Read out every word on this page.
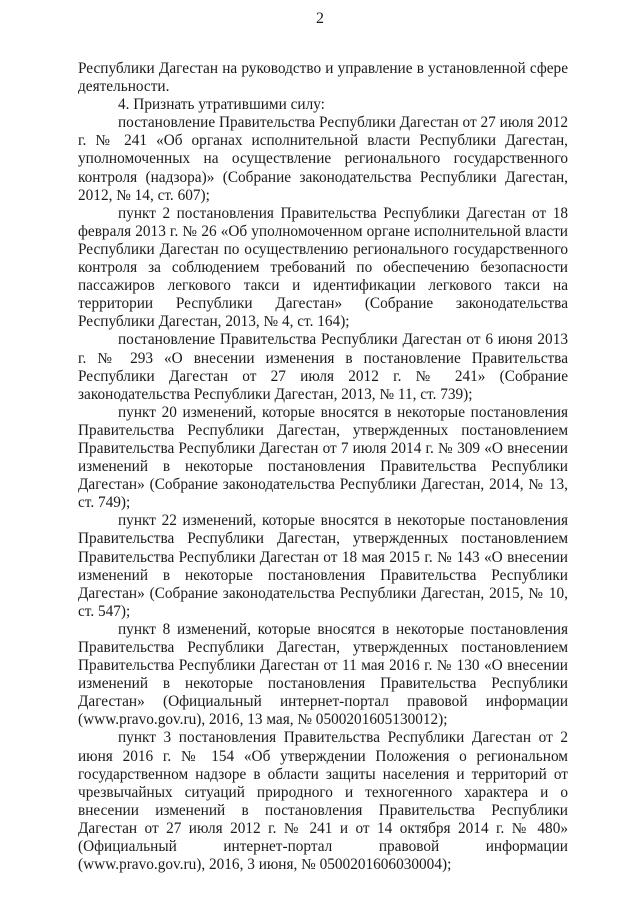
2

Республики Дагестан на руководство и управление в установленной сфере деятельности.

4. Признать утратившими силу:

постановление Правительства Республики Дагестан от 27 июля 2012 г. № 241 «Об органах исполнительной власти Республики Дагестан, уполномоченных на осуществление регионального государственного контроля (надзора)» (Собрание законодательства Республики Дагестан, 2012, № 14, ст. 607);

пункт 2 постановления Правительства Республики Дагестан от 18 февраля 2013 г. № 26 «Об уполномоченном органе исполнительной власти Республики Дагестан по осуществлению регионального государственного контроля за соблюдением требований по обеспечению безопасности пассажиров легкового такси и идентификации легкового такси на территории Республики Дагестан» (Собрание законодательства Республики Дагестан, 2013, № 4, ст. 164);

постановление Правительства Республики Дагестан от 6 июня 2013 г. № 293 «О внесении изменения в постановление Правительства Республики Дагестан от 27 июля 2012 г. № 241» (Собрание законодательства Республики Дагестан, 2013, № 11, ст. 739);

пункт 20 изменений, которые вносятся в некоторые постановления Правительства Республики Дагестан, утвержденных постановлением Правительства Республики Дагестан от 7 июля 2014 г. № 309 «О внесении изменений в некоторые постановления Правительства Республики Дагестан» (Собрание законодательства Республики Дагестан, 2014, № 13, ст. 749);

пункт 22 изменений, которые вносятся в некоторые постановления Правительства Республики Дагестан, утвержденных постановлением Правительства Республики Дагестан от 18 мая 2015 г. № 143 «О внесении изменений в некоторые постановления Правительства Республики Дагестан» (Собрание законодательства Республики Дагестан, 2015, № 10, ст. 547);

пункт 8 изменений, которые вносятся в некоторые постановления Правительства Республики Дагестан, утвержденных постановлением Правительства Республики Дагестан от 11 мая 2016 г. № 130 «О внесении изменений в некоторые постановления Правительства Республики Дагестан» (Официальный интернет-портал правовой информации (www.pravo.gov.ru), 2016, 13 мая, № 0500201605130012);

пункт 3 постановления Правительства Республики Дагестан от 2 июня 2016 г. № 154 «Об утверждении Положения о региональном государственном надзоре в области защиты населения и территорий от чрезвычайных ситуаций природного и техногенного характера и о внесении изменений в постановления Правительства Республики Дагестан от 27 июля 2012 г. № 241 и от 14 октября 2014 г. № 480» (Официальный интернет-портал правовой информации (www.pravo.gov.ru), 2016, 3 июня, № 0500201606030004);
